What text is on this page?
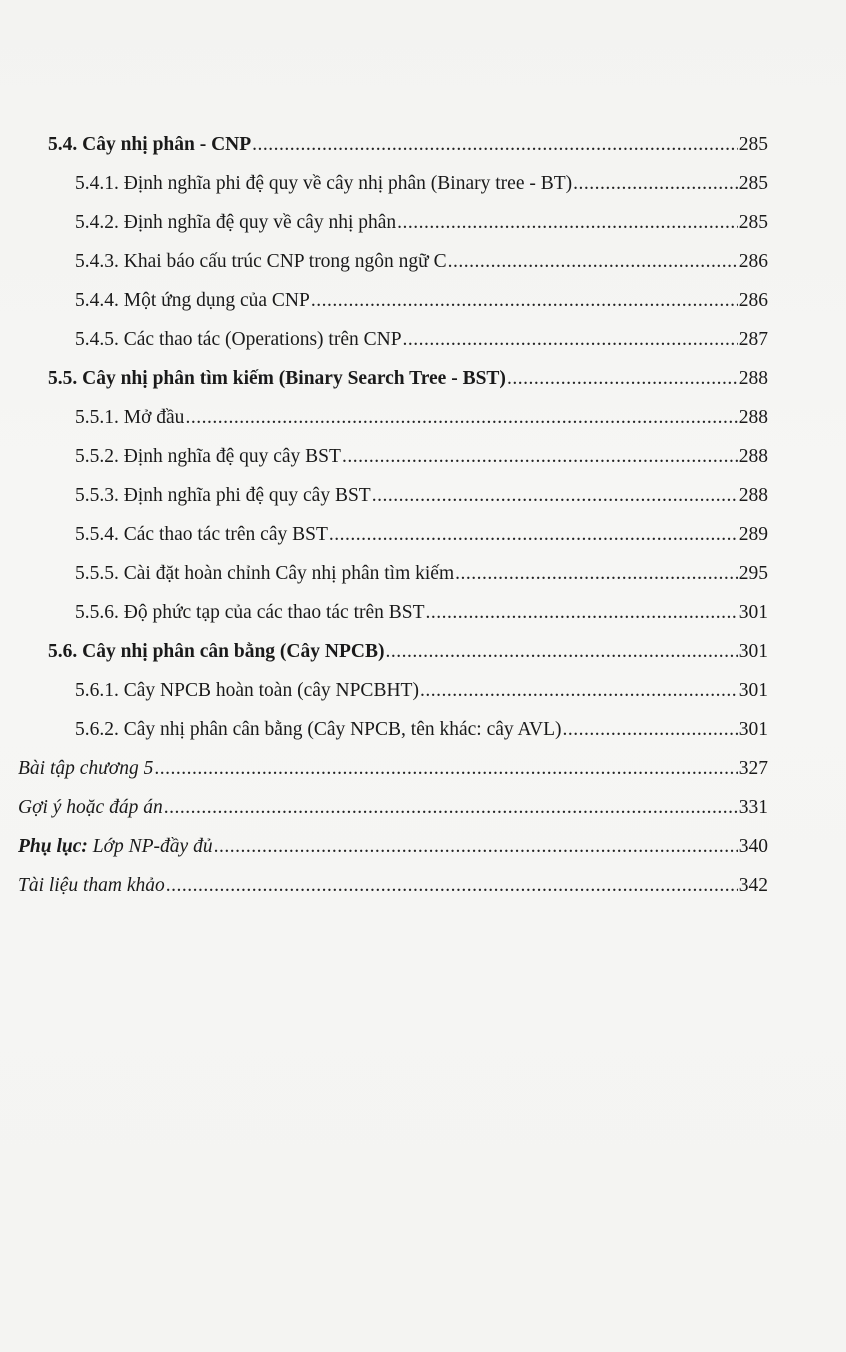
5.4. Cây nhị phân - CNP .....	285
5.4.1. Định nghĩa phi đệ quy về cây nhị phân (Binary tree - BT) .....	285
5.4.2. Định nghĩa đệ quy về cây nhị phân .....	285
5.4.3. Khai báo cấu trúc CNP trong ngôn ngữ C .....	286
5.4.4. Một ứng dụng của CNP .....	286
5.4.5. Các thao tác (Operations) trên CNP .....	287
5.5. Cây nhị phân tìm kiếm (Binary Search Tree - BST) .....	288
5.5.1. Mở đầu .....	288
5.5.2. Định nghĩa đệ quy cây BST .....	288
5.5.3. Định nghĩa phi đệ quy cây BST .....	288
5.5.4. Các thao tác trên cây BST .....	289
5.5.5. Cài đặt hoàn chỉnh Cây nhị phân tìm kiếm .....	295
5.5.6. Độ phức tạp của các thao tác trên BST .....	301
5.6. Cây nhị phân cân bằng (Cây NPCB) .....	301
5.6.1. Cây NPCB hoàn toàn (cây NPCBHT) .....	301
5.6.2. Cây nhị phân cân bằng (Cây NPCB, tên khác: cây AVL) .....	301
Bài tập chương 5 .....	327
Gợi ý hoặc đáp án .....	331
Phụ lục: Lớp NP-đầy đủ .....	340
Tài liệu tham khảo .....	342
